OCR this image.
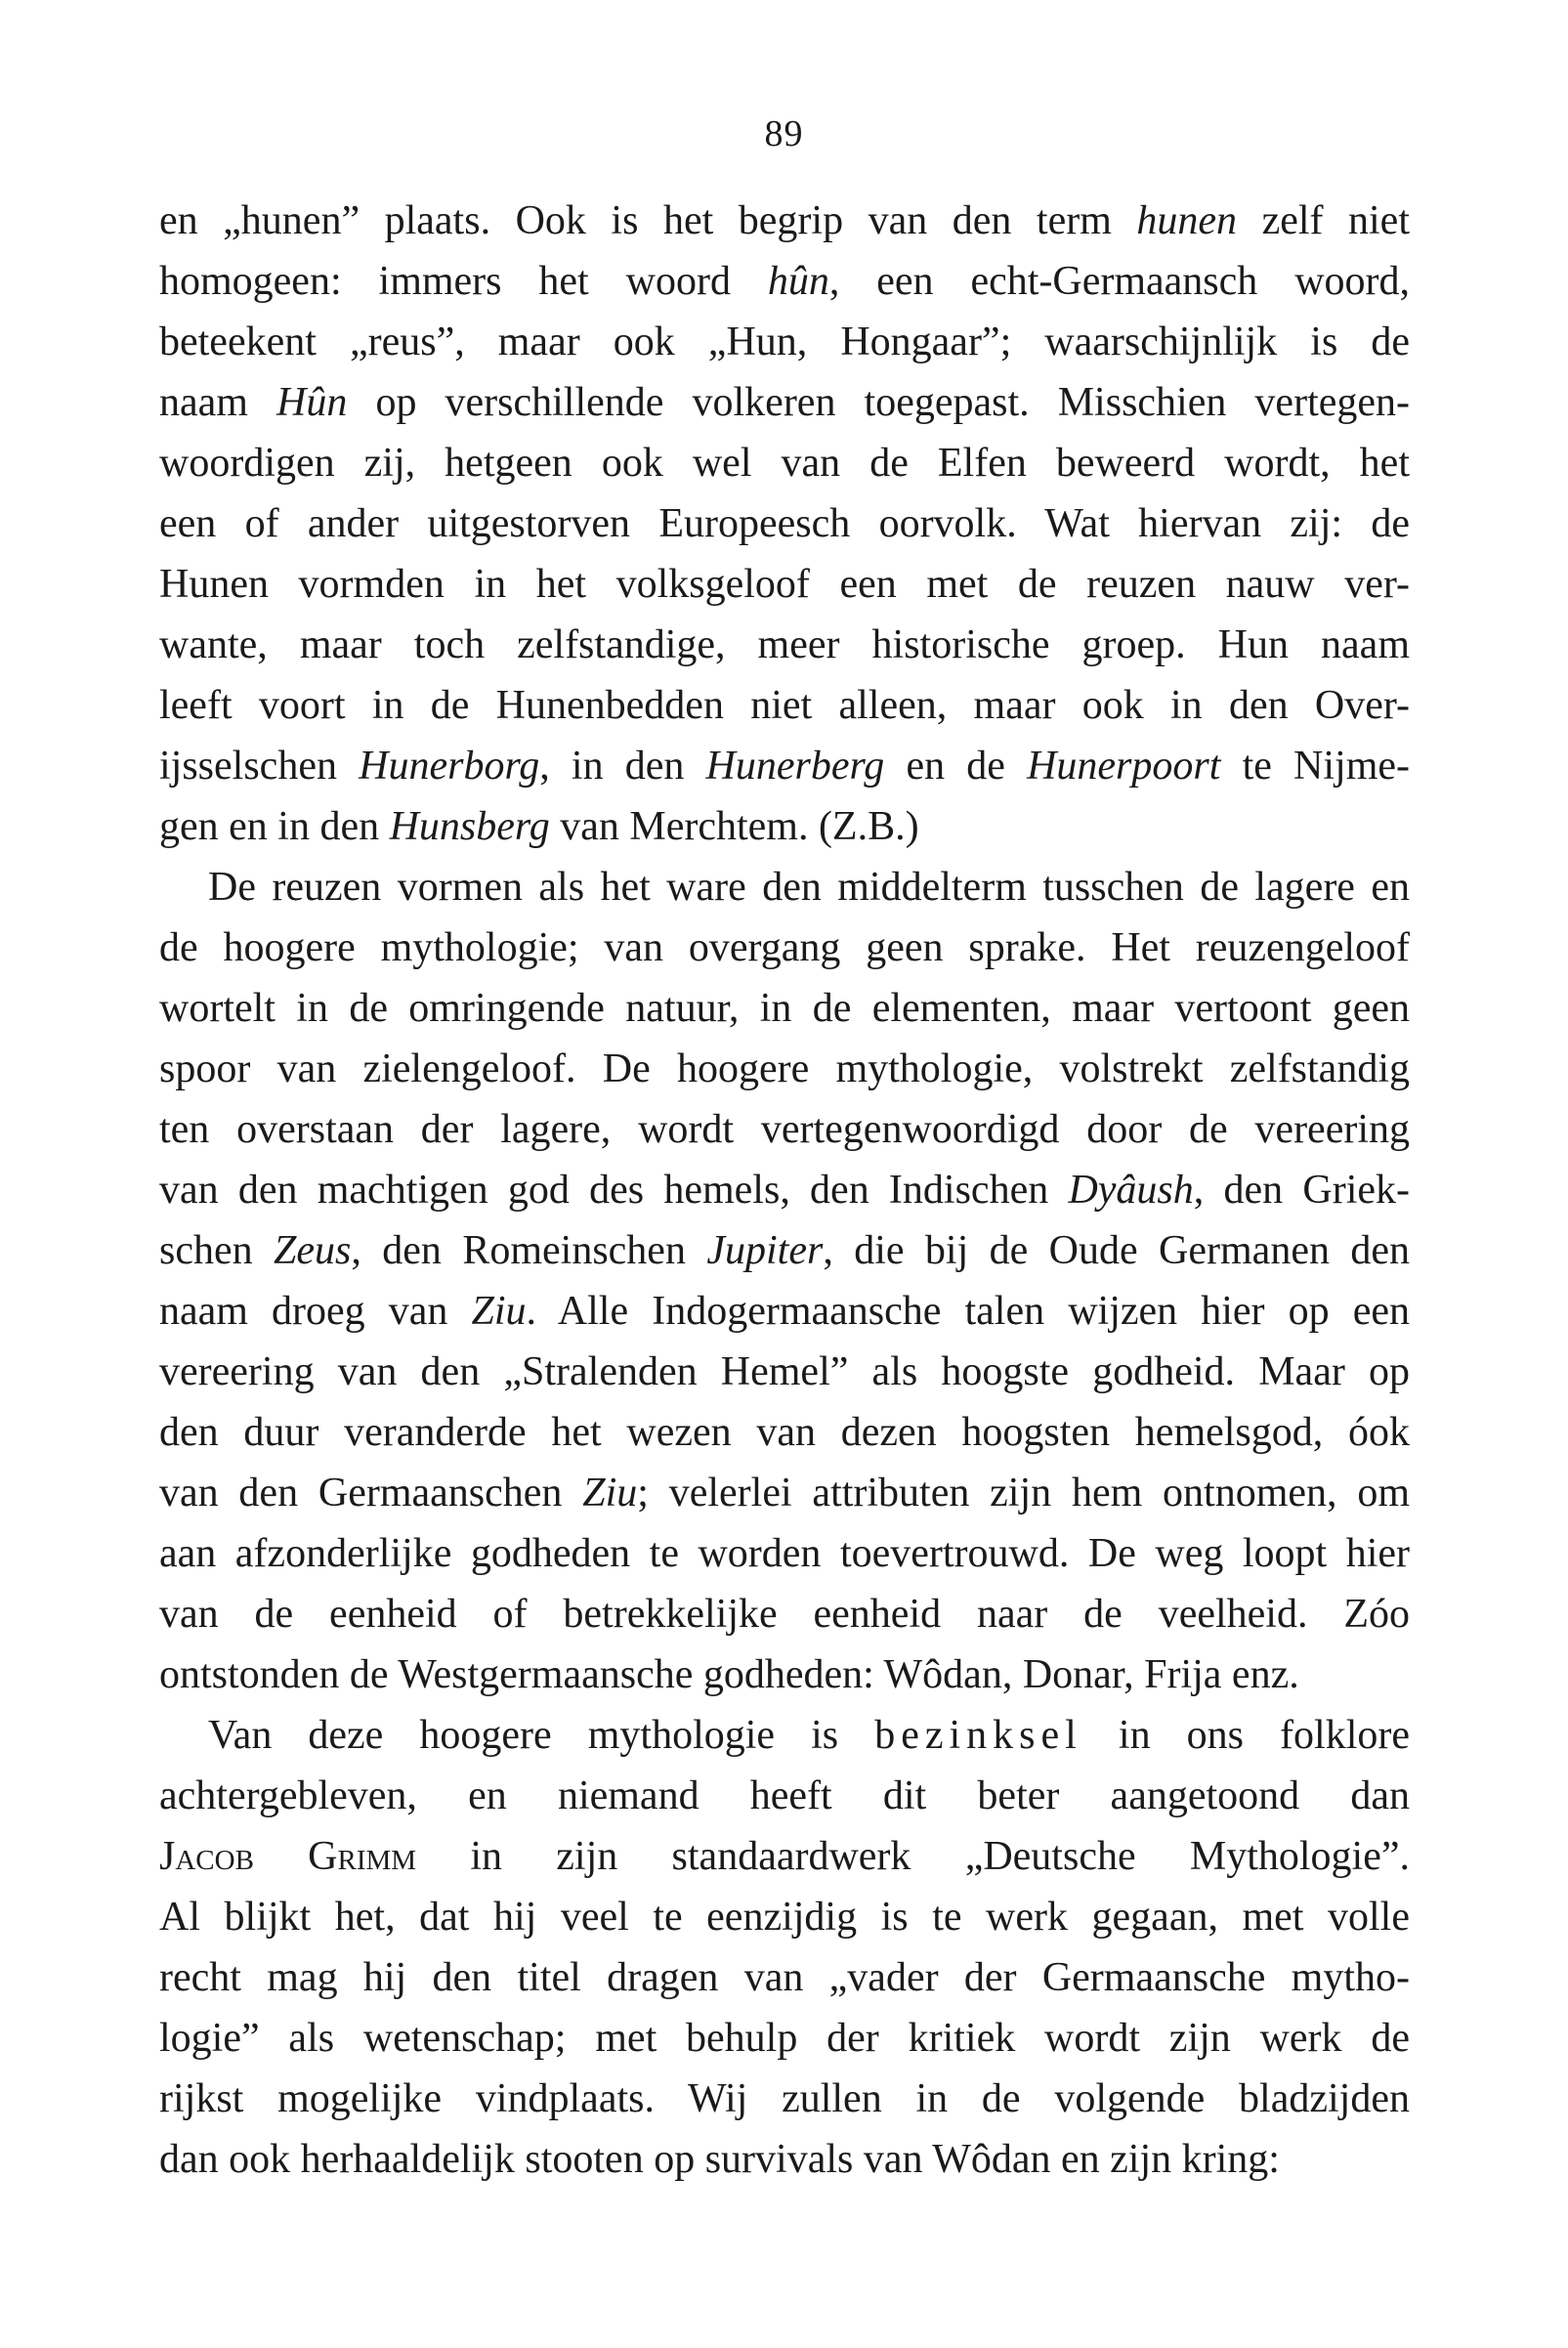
89
en „hunen” plaats. Ook is het begrip van den term hunen zelf niet
homogeen: immers het woord hûn, een echt-Germaansch woord,
beteekent „reus”, maar ook „Hun, Hongaar”; waarschijnlijk is de
naam Hûn op verschillende volkeren toegepast. Misschien vertegen-
woordigen zij, hetgeen ook wel van de Elfen beweerd wordt, het
een of ander uitgestorven Europeesch oorvolk. Wat hiervan zij: de
Hunen vormden in het volksgeloof een met de reuzen nauw ver-
wante, maar toch zelfstandige, meer historische groep. Hun naam
leeft voort in de Hunenbedden niet alleen, maar ook in den Over-
ijsselschen Hunerborg, in den Hunerberg en de Hunerpoort te Nijme-
gen en in den Hunsberg van Merchtem. (Z.B.)
De reuzen vormen als het ware den middelterm tusschen de lagere en
de hoogere mythologie; van overgang geen sprake. Het reuzengeloof
wortelt in de omringende natuur, in de elementen, maar vertoont geen
spoor van zielengeloof. De hoogere mythologie, volstrekt zelfstandig
ten overstaan der lagere, wordt vertegenwoordigd door de vereering
van den machtigen god des hemels, den Indischen Dyâush, den Griek-
schen Zeus, den Romeinschen Jupiter, die bij de Oude Germanen den
naam droeg van Ziu. Alle Indogermaansche talen wijzen hier op een
vereering van den „Stralenden Hemel” als hoogste godheid. Maar op
den duur veranderde het wezen van dezen hoogsten hemelsgod, óok
van den Germaanschen Ziu; velerlei attributen zijn hem ontnomen, om
aan afzonderlijke godheden te worden toevertrouwd. De weg loopt hier
van de eenheid of betrekkelijke eenheid naar de veelheid. Zóo
ontstonden de Westgermaansche godheden: Wôdan, Donar, Frija enz.
Van deze hoogere mythologie is bezinksel in ons folklore
achtergebleven, en niemand heeft dit beter aangetoond dan
Jacob Grimm in zijn standaardwerk „Deutsche Mythologie”.
Al blijkt het, dat hij veel te eenzijdig is te werk gegaan, met volle
recht mag hij den titel dragen van „vader der Germaansche mytho-
logie” als wetenschap; met behulp der kritiek wordt zijn werk de
rijkst mogelijke vindplaats. Wij zullen in de volgende bladzijden
dan ook herhaaldelijk stooten op survivals van Wôdan en zijn kring:
